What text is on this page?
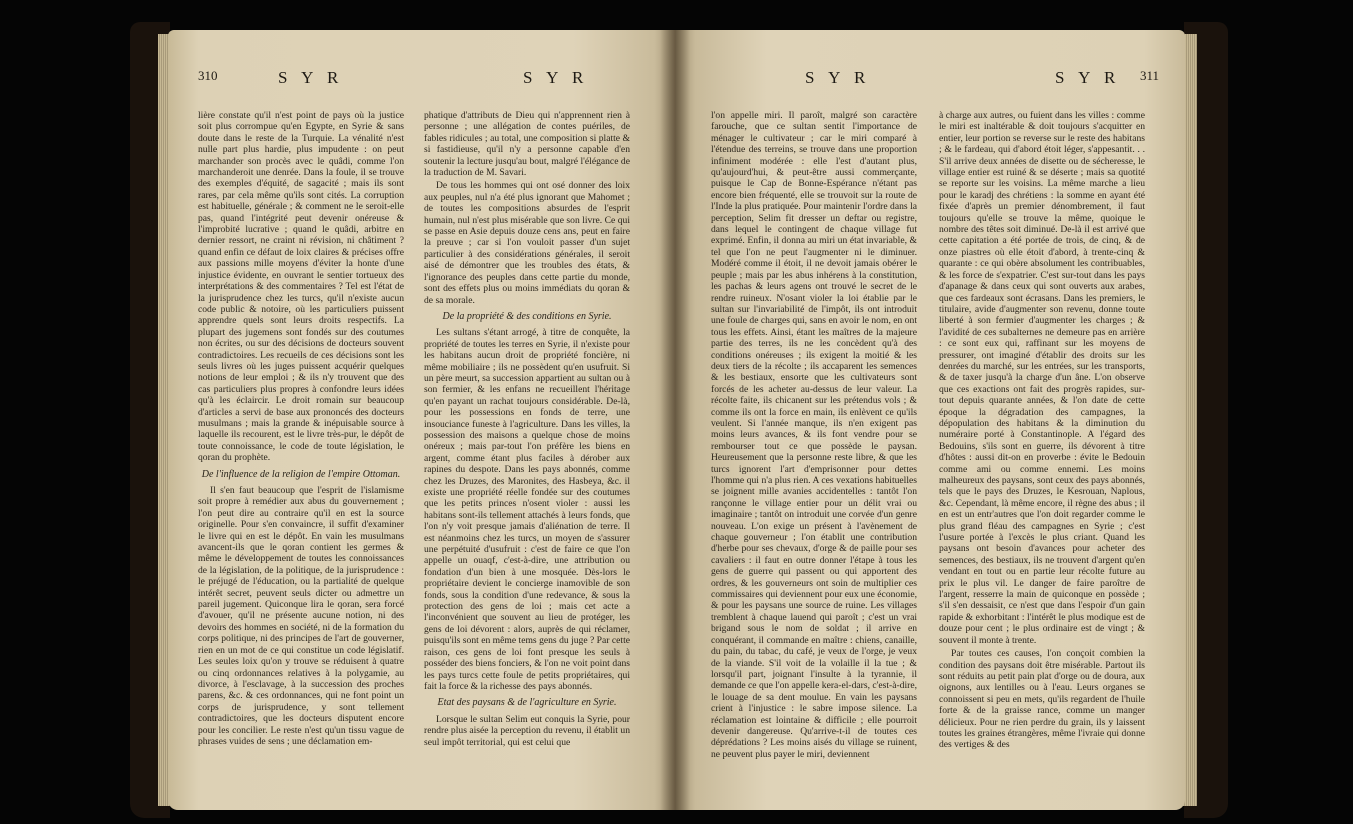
310	S Y R	S Y R

lière constate qu'il n'est point de pays où la justice soit plus corrompue qu'en Egypte, en Syrie & sans doute dans le reste de la Turquie. La vénalité n'est nulle part plus hardie, plus impudente : on peut marchander son procès avec le quâdi, comme l'on marchanderoit une denrée. Dans la foule, il se trouve des exemples d'équité, de sagacité ; mais ils sont rares, par cela même qu'ils sont cités. La corruption est habituelle, générale ; & comment ne le seroit-elle pas, quand l'intégrité peut devenir onéreuse & l'improbité lucrative ; quand le quâdi, arbitre en dernier ressort, ne craint ni révision, ni châtiment ? quand enfin ce défaut de loix claires & précises offre aux passions mille moyens d'éviter la honte d'une injustice évidente, en ouvrant le sentier tortueux des interprétations & des commentaires ? Tel est l'état de la jurisprudence chez les turcs, qu'il n'existe aucun code public & notoire, où les particuliers puissent apprendre quels sont leurs droits respectifs. La plupart des jugemens sont fondés sur des coutumes non écrites, ou sur des décisions de docteurs souvent contradictoires. Les recueils de ces décisions sont les seuls livres où les juges puissent acquérir quelques notions de leur emploi ; & ils n'y trouvent que des cas particuliers plus propres à confondre leurs idées qu'à les éclaircir. Le droit romain sur beaucoup d'articles a servi de base aux prononcés des docteurs musulmans ; mais la grande & inépuisable source à laquelle ils recourent, est le livre très-pur, le dépôt de toute connoissance, le code de toute législation, le qoran du prophète.

De l'influence de la religion de l'empire Ottoman.

Il s'en faut beaucoup que l'esprit de l'islamisme soit propre à remédier aux abus du gouvernement ; l'on peut dire au contraire qu'il en est la source originelle. Pour s'en convaincre, il suffit d'examiner le livre qui en est le dépôt. En vain les musulmans avancent-ils que le qoran contient les germes & même le développement de toutes les connoissances de la législation, de la politique, de la jurisprudence : le préjugé de l'éducation, ou la partialité de quelque intérêt secret, peuvent seuls dicter ou admettre un pareil jugement. Quiconque lira le qoran, sera forcé d'avouer, qu'il ne présente aucune notion, ni des devoirs des hommes en société, ni de la formation du corps politique, ni des principes de l'art de gouverner, rien en un mot de ce qui constitue un code législatif. Les seules loix qu'on y trouve se réduisent à quatre ou cinq ordonnances relatives à la polygamie, au divorce, à l'esclavage, à la succession des proches parens, &c. & ces ordonnances, qui ne font point un corps de jurisprudence, y sont tellement contradictoires, que les docteurs disputent encore pour les concilier. Le reste n'est qu'un tissu vague de phrases vuides de sens ; une déclamation em-

phatique d'attributs de Dieu qui n'apprennent rien à personne ; une allégation de contes puériles, de fables ridicules ; au total, une composition si platte & si fastidieuse, qu'il n'y a personne capable d'en soutenir la lecture jusqu'au bout, malgré l'élégance de la traduction de M. Savari.

De tous les hommes qui ont osé donner des loix aux peuples, nul n'a été plus ignorant que Mahomet ; de toutes les compositions absurdes de l'esprit humain, nul n'est plus misérable que son livre. Ce qui se passe en Asie depuis douze cens ans, peut en faire la preuve ; car si l'on vouloit passer d'un sujet particulier à des considérations générales, il seroit aisé de démontrer que les troubles des états, & l'ignorance des peuples dans cette partie du monde, sont des effets plus ou moins immédiats du qoran & de sa morale.

De la propriété & des conditions en Syrie.

Les sultans s'étant arrogé, à titre de conquête, la propriété de toutes les terres en Syrie, il n'existe pour les habitans aucun droit de propriété foncière, ni même mobiliaire ; ils ne possèdent qu'en usufruit. Si un père meurt, sa succession appartient au sultan ou à son fermier, & les enfans ne recueillent l'héritage qu'en payant un rachat toujours considérable. De-là, pour les possessions en fonds de terre, une insouciance funeste à l'agriculture. Dans les villes, la possession des maisons a quelque chose de moins onéreux ; mais par-tout l'on préfère les biens en argent, comme étant plus faciles à dérober aux rapines du despote. Dans les pays abonnés, comme chez les Druzes, des Maronites, des Hasbeya, &c. il existe une propriété réelle fondée sur des coutumes que les petits princes n'osent violer : aussi les habitans sont-ils tellement attachés à leurs fonds, que l'on n'y voit presque jamais d'aliénation de terre. Il est néanmoins chez les turcs, un moyen de s'assurer une perpétuité d'usufruit : c'est de faire ce que l'on appelle un ouaqf, c'est-à-dire, une attribution ou fondation d'un bien à une mosquée. Dès-lors le propriétaire devient le concierge inamovible de son fonds, sous la condition d'une redevance, & sous la protection des gens de loi ; mais cet acte a l'inconvénient que souvent au lieu de protéger, les gens de loi dévorent : alors, auprès de qui réclamer, puisqu'ils sont en même tems gens du juge ? Par cette raison, ces gens de loi font presque les seuls à posséder des biens fonciers, & l'on ne voit point dans les pays turcs cette foule de petits propriétaires, qui fait la force & la richesse des pays abonnés.

Etat des paysans & de l'agriculture en Syrie.

Lorsque le sultan Selim eut conquis la Syrie, pour rendre plus aisée la perception du revenu, il établit un seul impôt territorial, qui est celui que

S Y R	S Y R 311

l'on appelle miri. Il paroît, malgré son caractère farouche, que ce sultan sentit l'importance de ménager le cultivateur ; car le miri comparé à l'étendue des terreins, se trouve dans une proportion infiniment modérée : elle l'est d'autant plus, qu'aujourd'hui, & peut-être aussi commerçante, puisque le Cap de Bonne-Espérance n'étant pas encore bien fréquenté, elle se trouvoit sur la route de l'Inde la plus pratiquée. Pour maintenir l'ordre dans la perception, Selim fit dresser un deftar ou registre, dans lequel le contingent de chaque village fut exprimé. Enfin, il donna au miri un état invariable, & tel que l'on ne peut l'augmenter ni le diminuer. Modéré comme il étoit, il ne devoit jamais obérer le peuple ; mais par les abus inhérens à la constitution, les pachas & leurs agens ont trouvé le secret de le rendre ruineux. N'osant violer la loi établie par le sultan sur l'invariabilité de l'impôt, ils ont introduit une foule de charges qui, sans en avoir le nom, en ont tous les effets. Ainsi, étant les maîtres de la majeure partie des terres, ils ne les concèdent qu'à des conditions onéreuses ; ils exigent la moitié & les deux tiers de la récolte ; ils accaparent les semences & les bestiaux, ensorte que les cultivateurs sont forcés de les acheter au-dessus de leur valeur. La récolte faite, ils chicanent sur les prétendus vols ; & comme ils ont la force en main, ils enlèvent ce qu'ils veulent. Si l'année manque, ils n'en exigent pas moins leurs avances, & ils font vendre pour se rembourser tout ce que possède le paysan. Heureusement que la personne reste libre, & que les turcs ignorent l'art d'emprisonner pour dettes l'homme qui n'a plus rien. A ces vexations habituelles se joignent mille avanies accidentelles : tantôt l'on rançonne le village entier pour un délit vrai ou imaginaire ; tantôt on introduit une corvée d'un genre nouveau. L'on exige un présent à l'avènement de chaque gouverneur ; l'on établit une contribution d'herbe pour ses chevaux, d'orge & de paille pour ses cavaliers : il faut en outre donner l'étape à tous les gens de guerre qui passent ou qui apportent des ordres, & les gouverneurs ont soin de multiplier ces commissaires qui deviennent pour eux une économie, & pour les paysans une source de ruine. Les villages tremblent à chaque lauend qui paroît ; c'est un vrai brigand sous le nom de soldat ; il arrive en conquérant, il commande en maître : chiens, canaille, du pain, du tabac, du café, je veux de l'orge, je veux de la viande. S'il voit de la volaille il la tue ; & lorsqu'il part, joignant l'insulte à la tyrannie, il demande ce que l'on appelle kera-el-dars, c'est-à-dire, le louage de sa dent moulue. En vain les paysans crient à l'injustice : le sabre impose silence. La réclamation est lointaine & difficile ; elle pourroit devenir dangereuse. Qu'arrive-t-il de toutes ces déprédations ? Les moins aisés du village se ruinent, ne peuvent plus payer le miri, deviennent

à charge aux autres, ou fuient dans les villes : comme le miri est inaltérable & doit toujours s'acquitter en entier, leur portion se reverse sur le reste des habitans ; & le fardeau, qui d'abord étoit léger, s'appesantit. . . S'il arrive deux années de disette ou de sécheresse, le village entier est ruiné & se déserte ; mais sa quotité se reporte sur les voisins. La même marche a lieu pour le karadj des chrétiens : la somme en ayant été fixée d'après un premier dénombrement, il faut toujours qu'elle se trouve la même, quoique le nombre des têtes soit diminué. De-là il est arrivé que cette capitation a été portée de trois, de cinq, & de onze piastres où elle étoit d'abord, à trente-cinq & quarante : ce qui obère absolument les contribuables, & les force de s'expatrier. C'est sur-tout dans les pays d'apanage & dans ceux qui sont ouverts aux arabes, que ces fardeaux sont écrasans. Dans les premiers, le titulaire, avide d'augmenter son revenu, donne toute liberté à son fermier d'augmenter les charges ; & l'avidité de ces subalternes ne demeure pas en arrière : ce sont eux qui, raffinant sur les moyens de pressurer, ont imaginé d'établir des droits sur les denrées du marché, sur les entrées, sur les transports, & de taxer jusqu'à la charge d'un âne. L'on observe que ces exactions ont fait des progrès rapides, sur-tout depuis quarante années, & l'on date de cette époque la dégradation des campagnes, la dépopulation des habitans & la diminution du numéraire porté à Constantinople. A l'égard des Bedouins, s'ils sont en guerre, ils dévorent à titre d'hôtes : aussi dit-on en proverbe : évite le Bedouin comme ami ou comme ennemi. Les moins malheureux des paysans, sont ceux des pays abonnés, tels que le pays des Druzes, le Kesrouan, Naplous, &c. Cependant, là même encore, il règne des abus ; il en est un entr'autres que l'on doit regarder comme le plus grand fléau des campagnes en Syrie ; c'est l'usure portée à l'excès le plus criant. Quand les paysans ont besoin d'avances pour acheter des semences, des bestiaux, ils ne trouvent d'argent qu'en vendant en tout ou en partie leur récolte future au prix le plus vil. Le danger de faire paroître de l'argent, resserre la main de quiconque en possède ; s'il s'en dessaisit, ce n'est que dans l'espoir d'un gain rapide & exhorbitant : l'intérêt le plus modique est de douze pour cent ; le plus ordinaire est de vingt ; & souvent il monte à trente.

Par toutes ces causes, l'on conçoit combien la condition des paysans doit être misérable. Partout ils sont réduits au petit pain plat d'orge ou de doura, aux oignons, aux lentilles ou à l'eau. Leurs organes se connoissent si peu en mets, qu'ils regardent de l'huile forte & de la graisse rance, comme un manger délicieux. Pour ne rien perdre du grain, ils y laissent toutes les graines étrangères, même l'ivraie qui donne des vertiges & des
